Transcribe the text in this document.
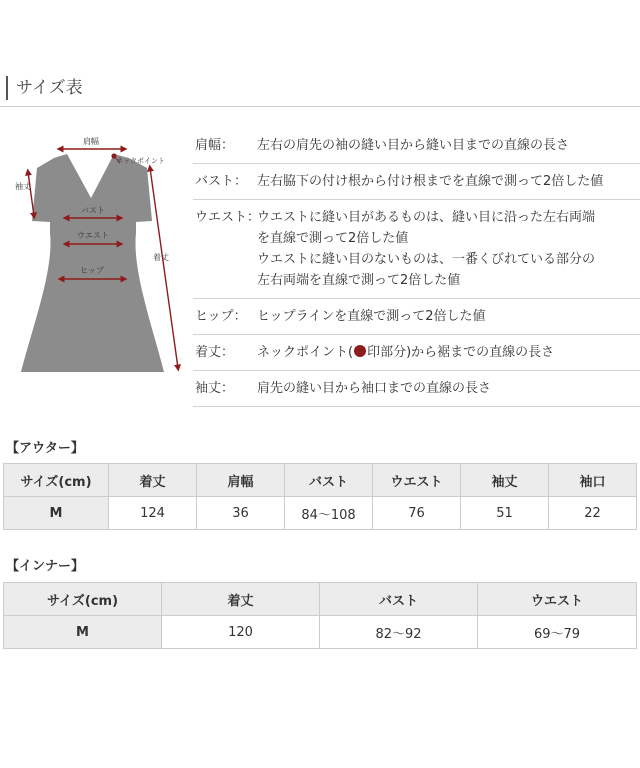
サイズ表
肩幅
ネックポイント
袖丈
バスト
ウエスト
ヒップ
着丈
肩幅：	左右の肩先の袖の縫い目から縫い目までの直線の長さ
バスト： 左右脇下の付け根から付け根までを直線で測って2倍した値
ウエスト：
ウエストに縫い目があるものは、縫い目に沿った左右両端
を直線で測って2倍した値
ウエストに縫い目のないものは、一番くびれている部分の
左右両端を直線で測って2倍した値
ヒップ： ヒップラインを直線で測って2倍した値
着丈：	ネックポイント( 印部分)から裾までの直線の長さ
袖丈：	肩先の縫い目から袖口までの直線の長さ
【アウター】
サイズ(cm)	着丈	肩幅	バスト	ウエスト	袖丈	袖口
M	124	36	84〜108	76	51	22
【インナー】
サイズ(cm)	着丈	バスト	ウエスト
M	120	82〜92	69〜79
